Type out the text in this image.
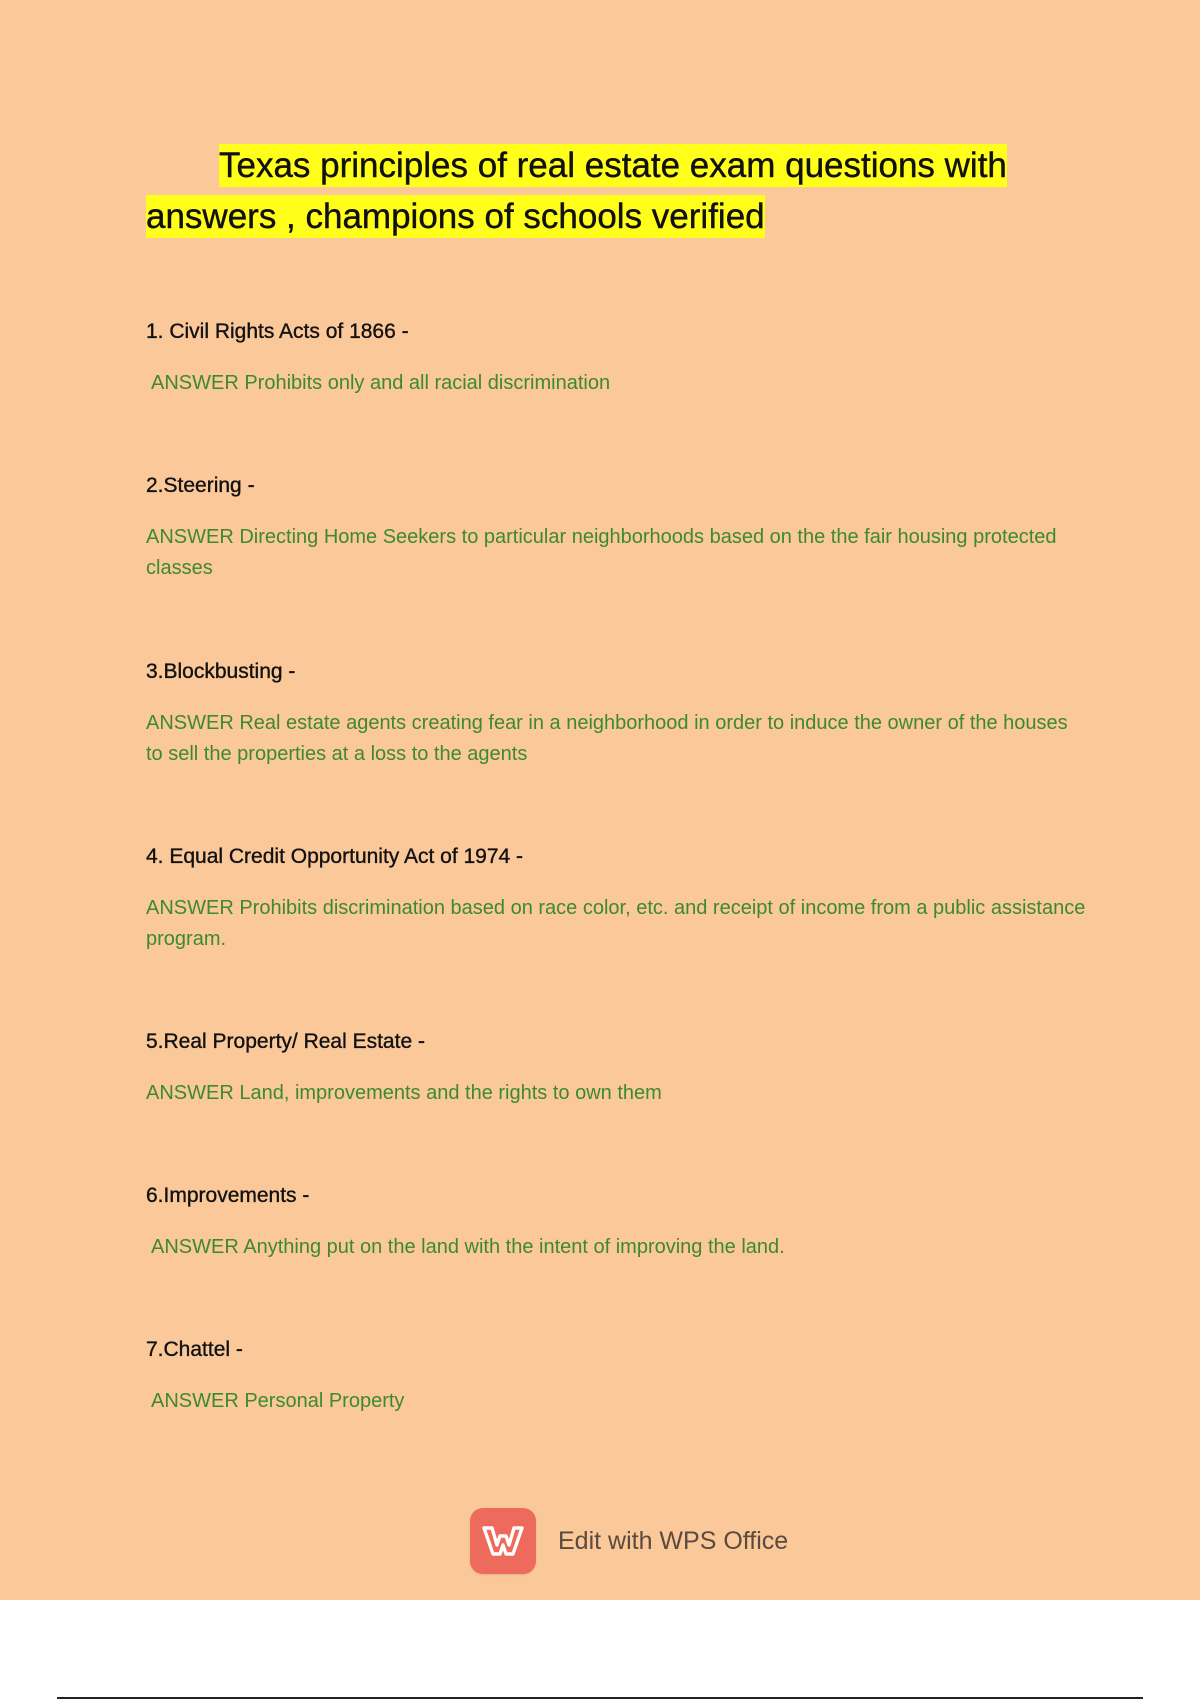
Texas principles of real estate exam questions with answers , champions of schools verified

1. Civil Rights Acts of 1866 -

ANSWER Prohibits only and all racial discrimination

2.Steering -

ANSWER Directing Home Seekers to particular neighborhoods based on the the fair housing protected classes

3.Blockbusting -

ANSWER Real estate agents creating fear in a neighborhood in order to induce the owner of the houses to sell the properties at a loss to the agents

4. Equal Credit Opportunity Act of 1974 -

ANSWER Prohibits discrimination based on race color, etc. and receipt of income from a public assistance program.

5.Real Property/ Real Estate -

ANSWER Land, improvements and the rights to own them

6.Improvements -

ANSWER Anything put on the land with the intent of improving the land.

7.Chattel -

ANSWER Personal Property

Edit with WPS Office
